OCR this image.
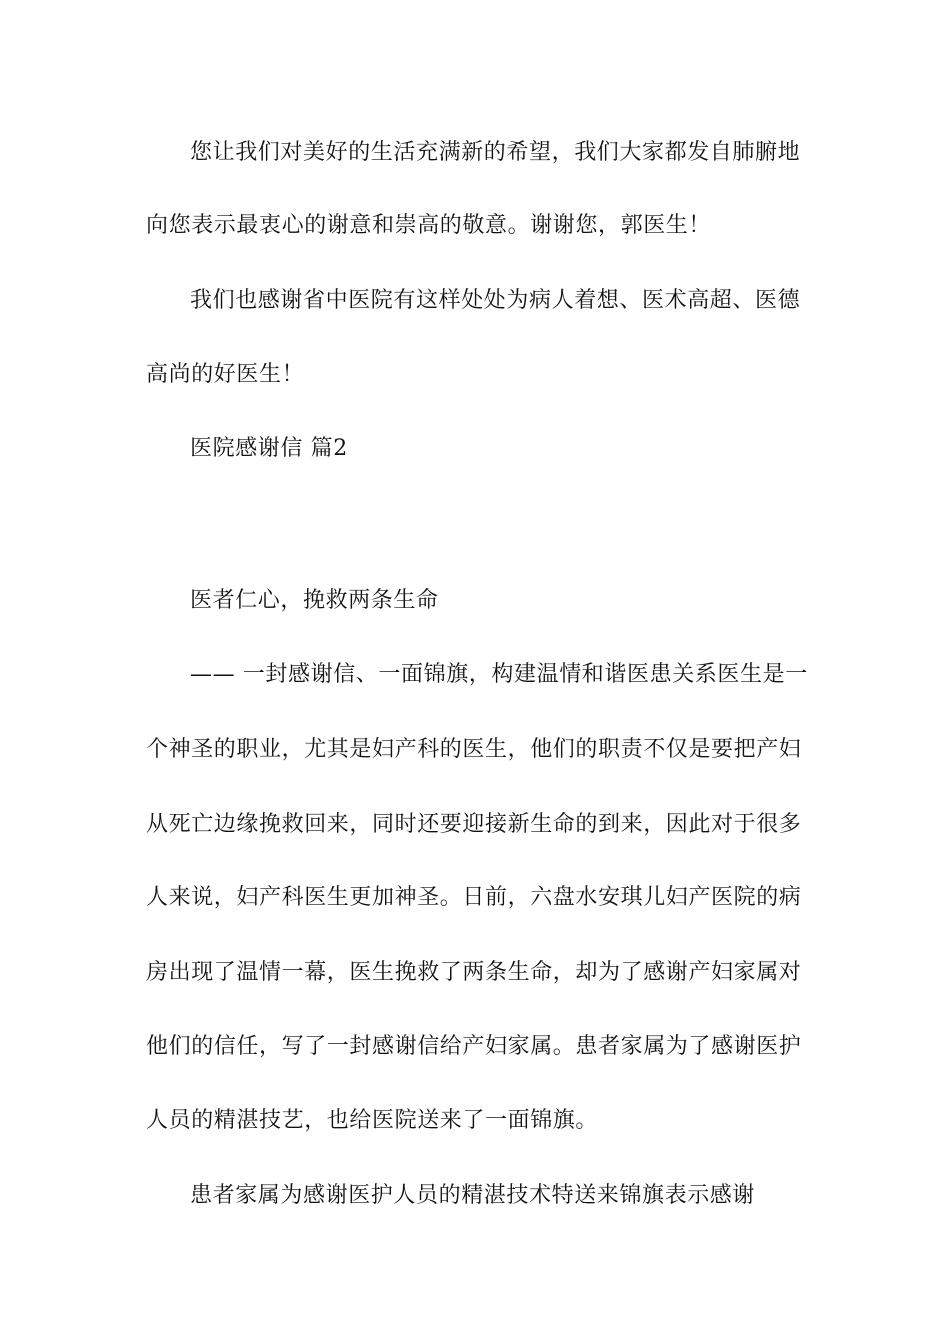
您让我们对美好的生活充满新的希望，我们大家都发自肺腑地
向您表示最衷心的谢意和崇高的敬意。谢谢您，郭医生！
我们也感谢省中医院有这样处处为病人着想、医术高超、医德
高尚的好医生！
医院感谢信 篇2
医者仁心，挽救两条生命
—— 一封感谢信、一面锦旗，构建温情和谐医患关系医生是一
个神圣的职业，尤其是妇产科的医生，他们的职责不仅是要把产妇
从死亡边缘挽救回来，同时还要迎接新生命的到来，因此对于很多
人来说，妇产科医生更加神圣。日前，六盘水安琪儿妇产医院的病
房出现了温情一幕，医生挽救了两条生命，却为了感谢产妇家属对
他们的信任，写了一封感谢信给产妇家属。患者家属为了感谢医护
人员的精湛技艺，也给医院送来了一面锦旗。
患者家属为感谢医护人员的精湛技术特送来锦旗表示感谢
